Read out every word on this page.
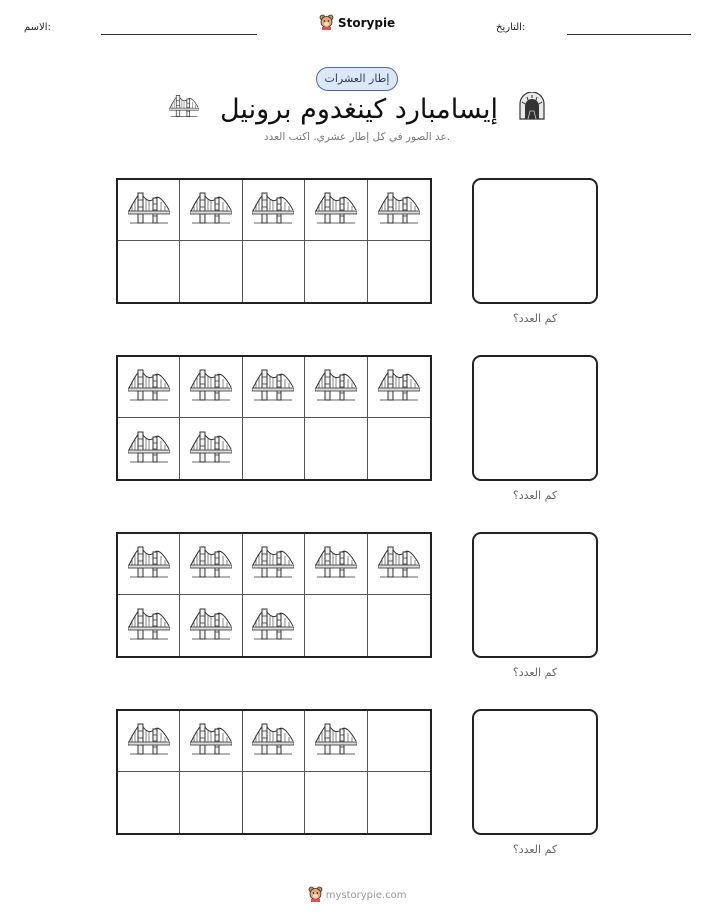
الاسم:	Storypie	التاريخ:
إطار العشرات
إيسامبارد كينغدوم برونيل
عد الصور في كل إطار عشري. اكتب العدد.
كم العدد؟
كم العدد؟
كم العدد؟
كم العدد؟
mystorypie.com
